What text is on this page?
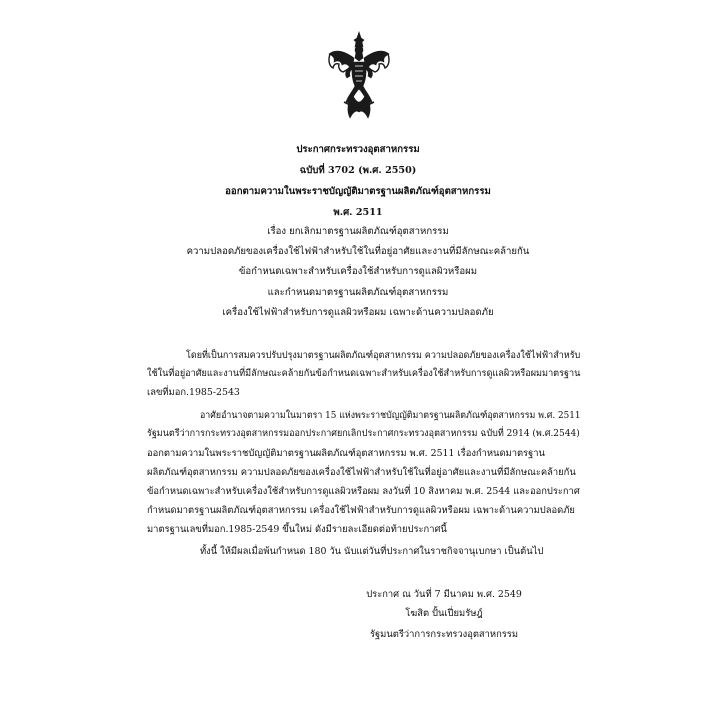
ประกาศกระทรวงอุตสาหกรรม
ฉบับที่ 3702 (พ.ศ. 2550)
ออกตามความในพระราชบัญญัติมาตรฐานผลิตภัณฑ์อุตสาหกรรม
พ.ศ. 2511
เรื่อง ยกเลิกมาตรฐานผลิตภัณฑ์อุตสาหกรรม
ความปลอดภัยของเครื่องใช้ไฟฟ้าสำหรับใช้ในที่อยู่อาศัยและงานที่มีลักษณะคล้ายกัน
ข้อกำหนดเฉพาะสำหรับเครื่องใช้สำหรับการดูแลผิวหรือผม
และกำหนดมาตรฐานผลิตภัณฑ์อุตสาหกรรม
เครื่องใช้ไฟฟ้าสำหรับการดูแลผิวหรือผม เฉพาะด้านความปลอดภัย
โดยที่เป็นการสมควรปรับปรุงมาตรฐานผลิตภัณฑ์อุตสาหกรรม ความปลอดภัยของเครื่องใช้ไฟฟ้าสำหรับ
ใช้ในที่อยู่อาศัยและงานที่มีลักษณะคล้ายกันข้อกำหนดเฉพาะสำหรับเครื่องใช้สำหรับการดูแลผิวหรือผมมาตรฐาน
เลขที่มอก.1985-2543
อาศัยอำนาจตามความในมาตรา 15 แห่งพระราชบัญญัติมาตรฐานผลิตภัณฑ์อุตสาหกรรม พ.ศ. 2511
รัฐมนตรีว่าการกระทรวงอุตสาหกรรมออกประกาศยกเลิกประกาศกระทรวงอุตสาหกรรม ฉบับที่ 2914 (พ.ศ.2544)
ออกตามความในพระราชบัญญัติมาตรฐานผลิตภัณฑ์อุตสาหกรรม พ.ศ. 2511 เรื่องกำหนดมาตรฐาน
ผลิตภัณฑ์อุตสาหกรรม ความปลอดภัยของเครื่องใช้ไฟฟ้าสำหรับใช้ในที่อยู่อาศัยและงานที่มีลักษณะคล้ายกัน
ข้อกำหนดเฉพาะสำหรับเครื่องใช้สำหรับการดูแลผิวหรือผม ลงวันที่ 10 สิงหาคม พ.ศ. 2544 และออกประกาศ
กำหนดมาตรฐานผลิตภัณฑ์อุตสาหกรรม เครื่องใช้ไฟฟ้าสำหรับการดูแลผิวหรือผม เฉพาะด้านความปลอดภัย
มาตรฐานเลขที่มอก.1985-2549 ขึ้นใหม่ ดังมีรายละเอียดต่อท้ายประกาศนี้
ทั้งนี้ ให้มีผลเมื่อพ้นกำหนด 180 วัน นับแต่วันที่ประกาศในราชกิจจานุเบกษา เป็นต้นไป
ประกาศ ณ วันที่ 7 มีนาคม พ.ศ. 2549
โฆสิต ปั้นเปี่ยมรัษฎ์
รัฐมนตรีว่าการกระทรวงอุตสาหกรรม
